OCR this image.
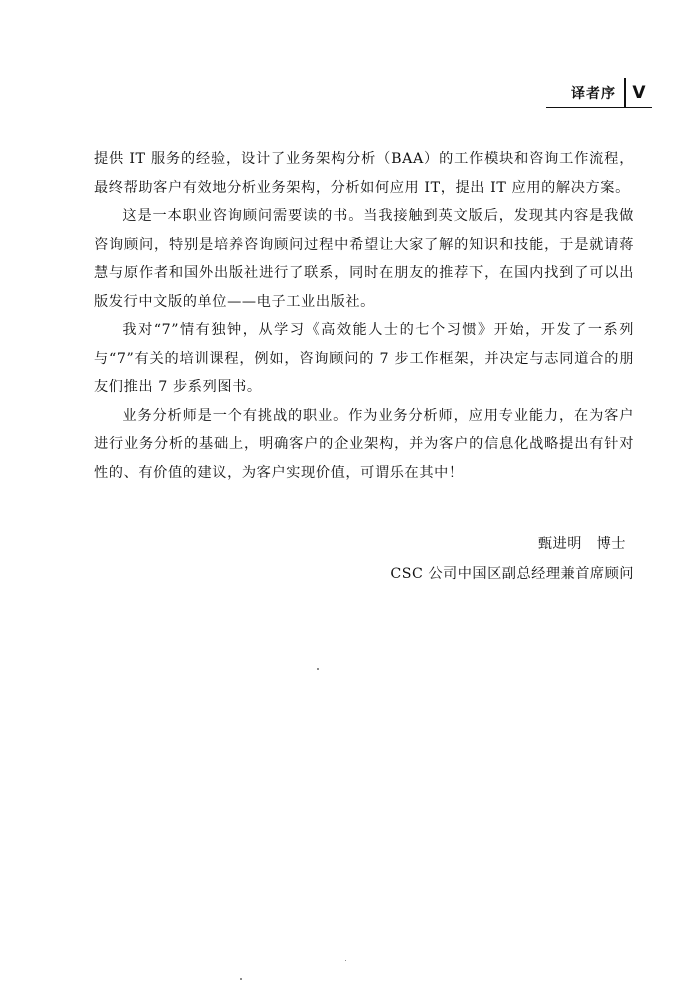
译者序 V

提供 IT 服务的经验，设计了业务架构分析（BAA）的工作模块和咨询工作流程，最终帮助客户有效地分析业务架构，分析如何应用 IT，提出 IT 应用的解决方案。

这是一本职业咨询顾问需要读的书。当我接触到英文版后，发现其内容是我做咨询顾问，特别是培养咨询顾问过程中希望让大家了解的知识和技能，于是就请蒋慧与原作者和国外出版社进行了联系，同时在朋友的推荐下，在国内找到了可以出版发行中文版的单位——电子工业出版社。

我对“7”情有独钟，从学习《高效能人士的七个习惯》开始，开发了一系列与“7”有关的培训课程，例如，咨询顾问的 7 步工作框架，并决定与志同道合的朋友们推出 7 步系列图书。

业务分析师是一个有挑战的职业。作为业务分析师，应用专业能力，在为客户进行业务分析的基础上，明确客户的企业架构，并为客户的信息化战略提出有针对性的、有价值的建议，为客户实现价值，可谓乐在其中！

甄进明　博士
CSC 公司中国区副总经理兼首席顾问
